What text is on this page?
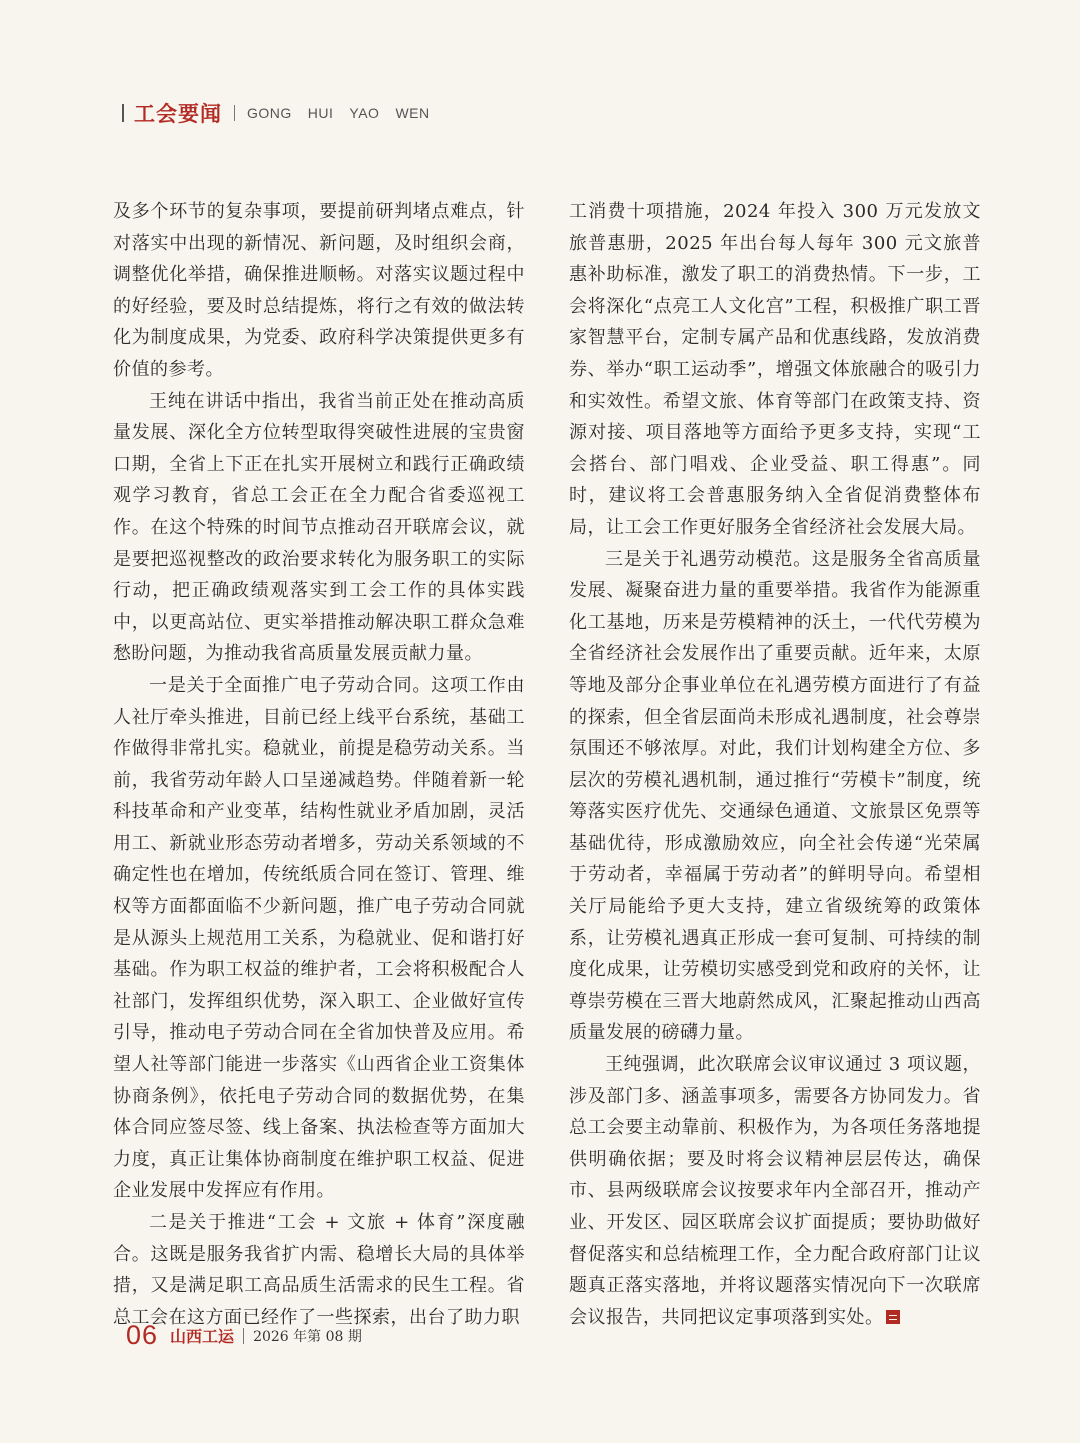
工会要闻 GONG HUI YAO WEN

及多个环节的复杂事项，要提前研判堵点难点，针对落实中出现的新情况、新问题，及时组织会商，调整优化举措，确保推进顺畅。对落实议题过程中的好经验，要及时总结提炼，将行之有效的做法转化为制度成果，为党委、政府科学决策提供更多有价值的参考。

王纯在讲话中指出，我省当前正处在推动高质量发展、深化全方位转型取得突破性进展的宝贵窗口期，全省上下正在扎实开展树立和践行正确政绩观学习教育，省总工会正在全力配合省委巡视工作。在这个特殊的时间节点推动召开联席会议，就是要把巡视整改的政治要求转化为服务职工的实际行动，把正确政绩观落实到工会工作的具体实践中，以更高站位、更实举措推动解决职工群众急难愁盼问题，为推动我省高质量发展贡献力量。

一是关于全面推广电子劳动合同。这项工作由人社厅牵头推进，目前已经上线平台系统，基础工作做得非常扎实。稳就业，前提是稳劳动关系。当前，我省劳动年龄人口呈递减趋势。伴随着新一轮科技革命和产业变革，结构性就业矛盾加剧，灵活用工、新就业形态劳动者增多，劳动关系领域的不确定性也在增加，传统纸质合同在签订、管理、维权等方面都面临不少新问题，推广电子劳动合同就是从源头上规范用工关系，为稳就业、促和谐打好基础。作为职工权益的维护者，工会将积极配合人社部门，发挥组织优势，深入职工、企业做好宣传引导，推动电子劳动合同在全省加快普及应用。希望人社等部门能进一步落实《山西省企业工资集体协商条例》，依托电子劳动合同的数据优势，在集体合同应签尽签、线上备案、执法检查等方面加大力度，真正让集体协商制度在维护职工权益、促进企业发展中发挥应有作用。

二是关于推进“工会 + 文旅 + 体育”深度融合。这既是服务我省扩内需、稳增长大局的具体举措，又是满足职工高品质生活需求的民生工程。省总工会在这方面已经作了一些探索，出台了助力职

工消费十项措施，2024 年投入 300 万元发放文旅普惠册，2025 年出台每人每年 300 元文旅普惠补助标准，激发了职工的消费热情。下一步，工会将深化“点亮工人文化宫”工程，积极推广职工晋家智慧平台，定制专属产品和优惠线路，发放消费券、举办“职工运动季”，增强文体旅融合的吸引力和实效性。希望文旅、体育等部门在政策支持、资源对接、项目落地等方面给予更多支持，实现“工会搭台、部门唱戏、企业受益、职工得惠”。同时，建议将工会普惠服务纳入全省促消费整体布局，让工会工作更好服务全省经济社会发展大局。

三是关于礼遇劳动模范。这是服务全省高质量发展、凝聚奋进力量的重要举措。我省作为能源重化工基地，历来是劳模精神的沃土，一代代劳模为全省经济社会发展作出了重要贡献。近年来，太原等地及部分企事业单位在礼遇劳模方面进行了有益的探索，但全省层面尚未形成礼遇制度，社会尊崇氛围还不够浓厚。对此，我们计划构建全方位、多层次的劳模礼遇机制，通过推行“劳模卡”制度，统筹落实医疗优先、交通绿色通道、文旅景区免票等基础优待，形成激励效应，向全社会传递“光荣属于劳动者，幸福属于劳动者”的鲜明导向。希望相关厅局能给予更大支持，建立省级统筹的政策体系，让劳模礼遇真正形成一套可复制、可持续的制度化成果，让劳模切实感受到党和政府的关怀，让尊崇劳模在三晋大地蔚然成风，汇聚起推动山西高质量发展的磅礴力量。

王纯强调，此次联席会议审议通过 3 项议题，涉及部门多、涵盖事项多，需要各方协同发力。省总工会要主动靠前、积极作为，为各项任务落地提供明确依据；要及时将会议精神层层传达，确保市、县两级联席会议按要求年内全部召开，推动产业、开发区、园区联席会议扩面提质；要协助做好督促落实和总结梳理工作，全力配合政府部门让议题真正落实落地，并将议题落实情况向下一次联席会议报告，共同把议定事项落到实处。

06 山西工运 2026 年第 08 期
